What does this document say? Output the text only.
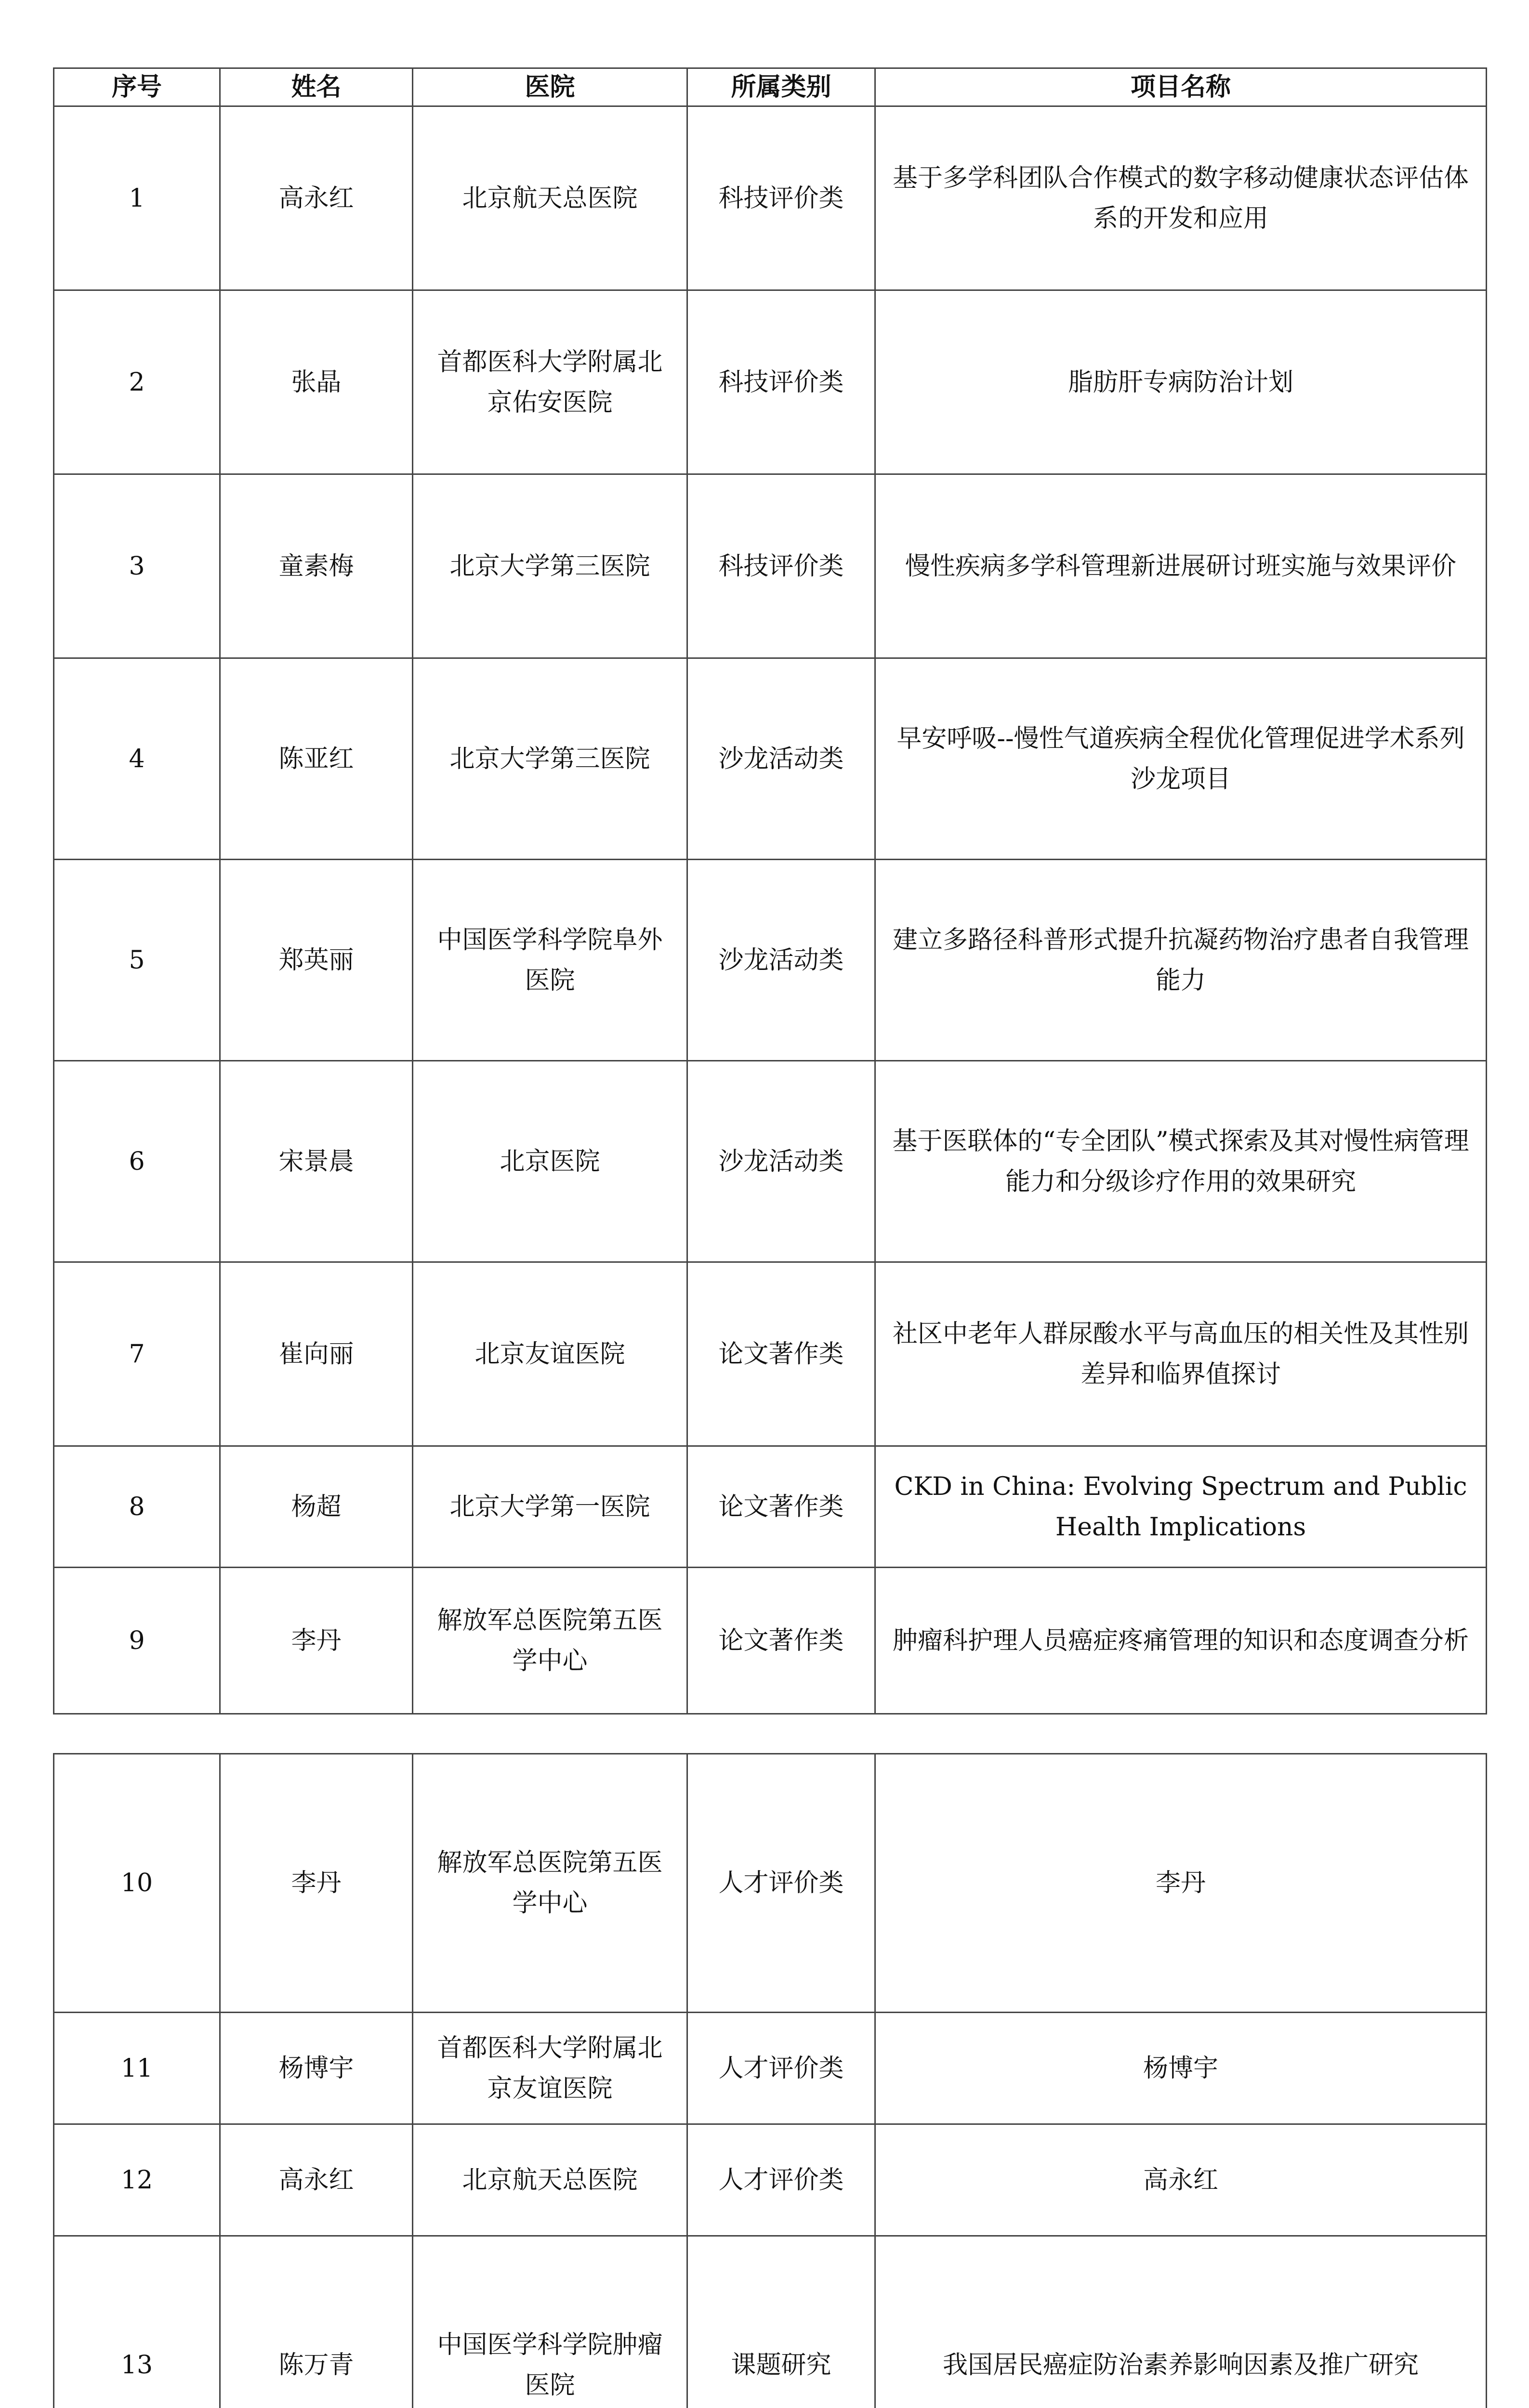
序号	姓名	医院	所属类别	项目名称
1	高永红	北京航天总医院	科技评价类	基于多学科团队合作模式的数字移动健康状态评估体系的开发和应用
2	张晶	首都医科大学附属北京佑安医院	科技评价类	脂肪肝专病防治计划
3	童素梅	北京大学第三医院	科技评价类	慢性疾病多学科管理新进展研讨班实施与效果评价
4	陈亚红	北京大学第三医院	沙龙活动类	早安呼吸--慢性气道疾病全程优化管理促进学术系列沙龙项目
5	郑英丽	中国医学科学院阜外医院	沙龙活动类	建立多路径科普形式提升抗凝药物治疗患者自我管理能力
6	宋景晨	北京医院	沙龙活动类	基于医联体的“专全团队”模式探索及其对慢性病管理能力和分级诊疗作用的效果研究
7	崔向丽	北京友谊医院	论文著作类	社区中老年人群尿酸水平与高血压的相关性及其性别差异和临界值探讨
8	杨超	北京大学第一医院	论文著作类	CKD in China: Evolving Spectrum and Public Health Implications
9	李丹	解放军总医院第五医学中心	论文著作类	肿瘤科护理人员癌症疼痛管理的知识和态度调查分析
10	李丹	解放军总医院第五医学中心	人才评价类	李丹
11	杨博宇	首都医科大学附属北京友谊医院	人才评价类	杨博宇
12	高永红	北京航天总医院	人才评价类	高永红
13	陈万青	中国医学科学院肿瘤医院	课题研究	我国居民癌症防治素养影响因素及推广研究
